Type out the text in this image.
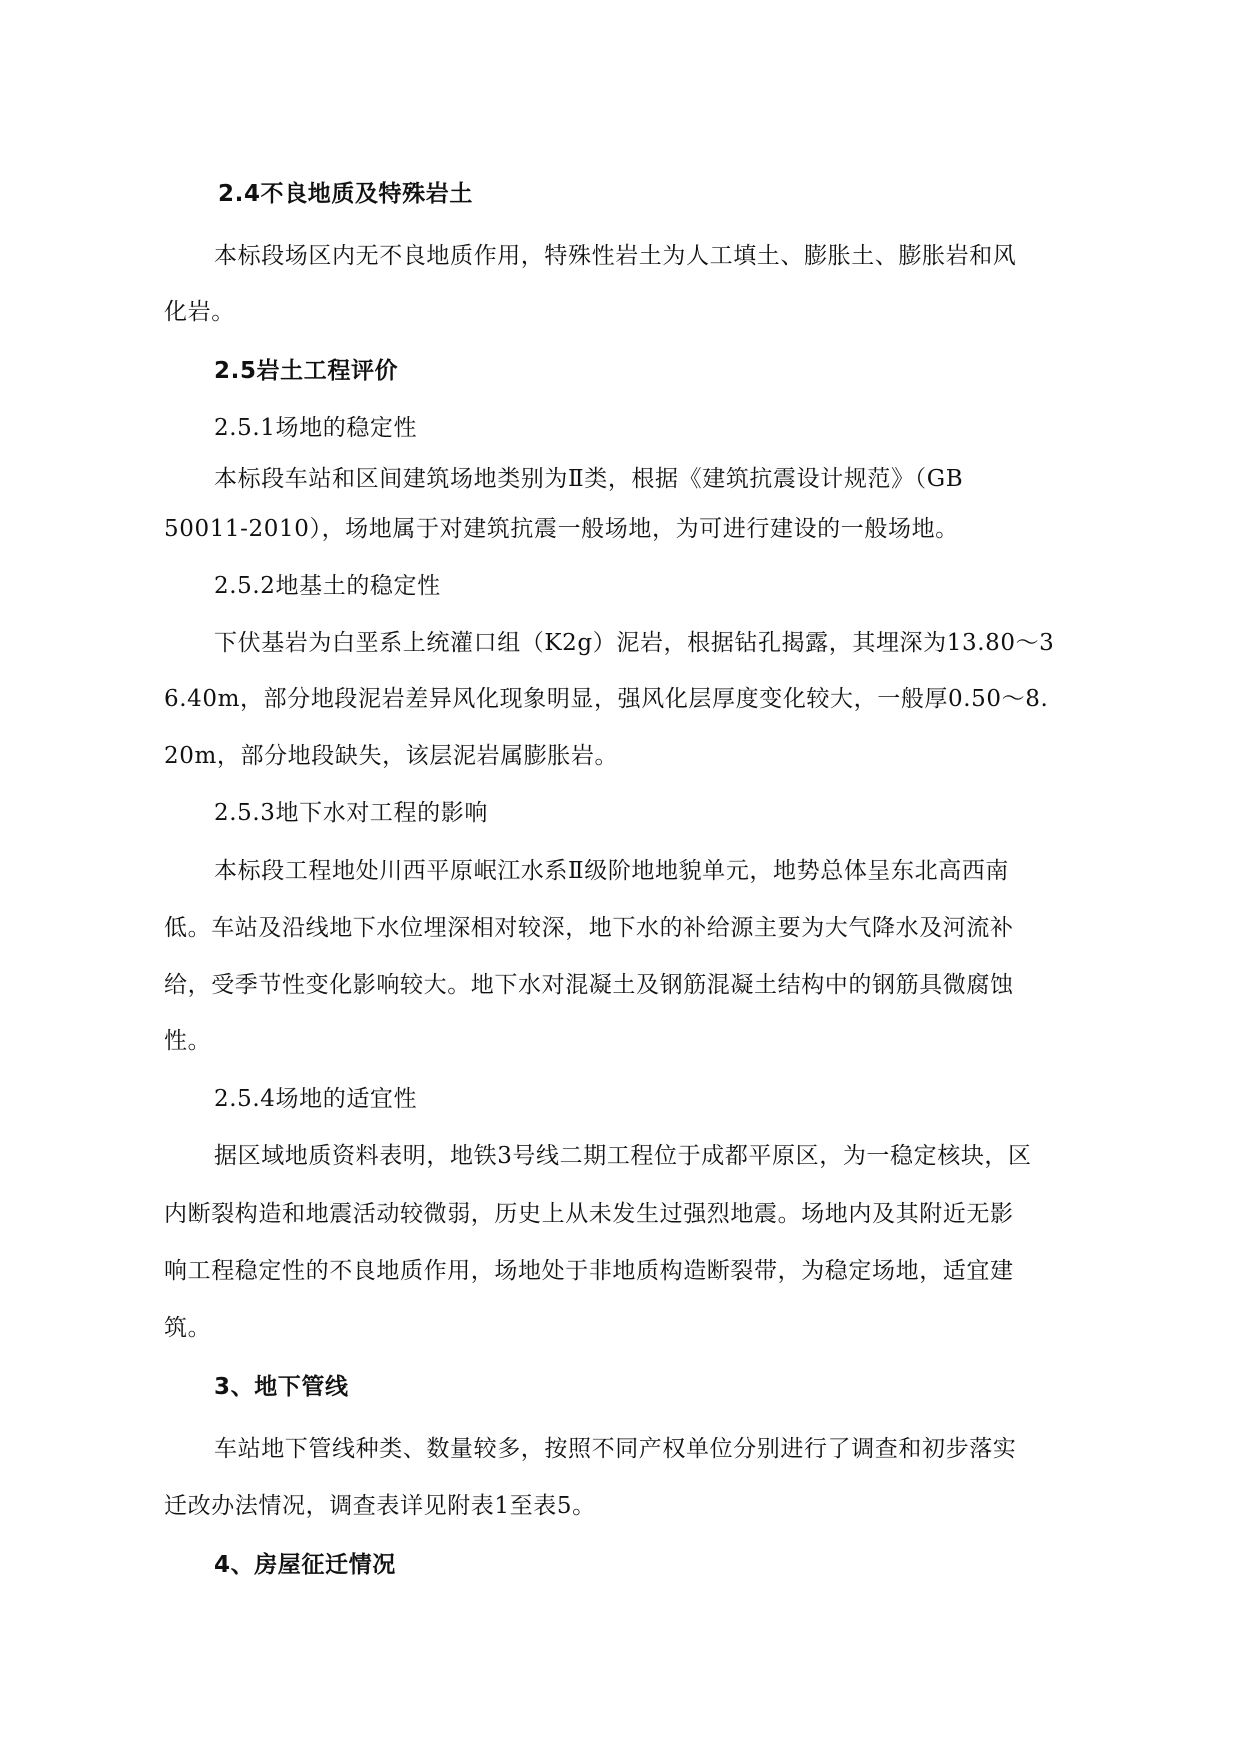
2.4不良地质及特殊岩土
本标段场区内无不良地质作用，特殊性岩土为人工填土、膨胀土、膨胀岩和风
化岩。
2.5岩土工程评价
2.5.1场地的稳定性
本标段车站和区间建筑场地类别为Ⅱ类，根据《建筑抗震设计规范》（GB
50011-2010），场地属于对建筑抗震一般场地，为可进行建设的一般场地。
2.5.2地基土的稳定性
下伏基岩为白垩系上统灌口组（K2g）泥岩，根据钻孔揭露，其埋深为13.80～3
6.40m，部分地段泥岩差异风化现象明显，强风化层厚度变化较大，一般厚0.50～8.
20m，部分地段缺失，该层泥岩属膨胀岩。
2.5.3地下水对工程的影响
本标段工程地处川西平原岷江水系Ⅱ级阶地地貌单元，地势总体呈东北高西南
低。车站及沿线地下水位埋深相对较深，地下水的补给源主要为大气降水及河流补
给，受季节性变化影响较大。地下水对混凝土及钢筋混凝土结构中的钢筋具微腐蚀
性。
2.5.4场地的适宜性
据区域地质资料表明，地铁3号线二期工程位于成都平原区，为一稳定核块，区
内断裂构造和地震活动较微弱，历史上从未发生过强烈地震。场地内及其附近无影
响工程稳定性的不良地质作用，场地处于非地质构造断裂带，为稳定场地，适宜建
筑。
3、地下管线
车站地下管线种类、数量较多，按照不同产权单位分别进行了调查和初步落实
迁改办法情况，调查表详见附表1至表5。
4、房屋征迁情况
